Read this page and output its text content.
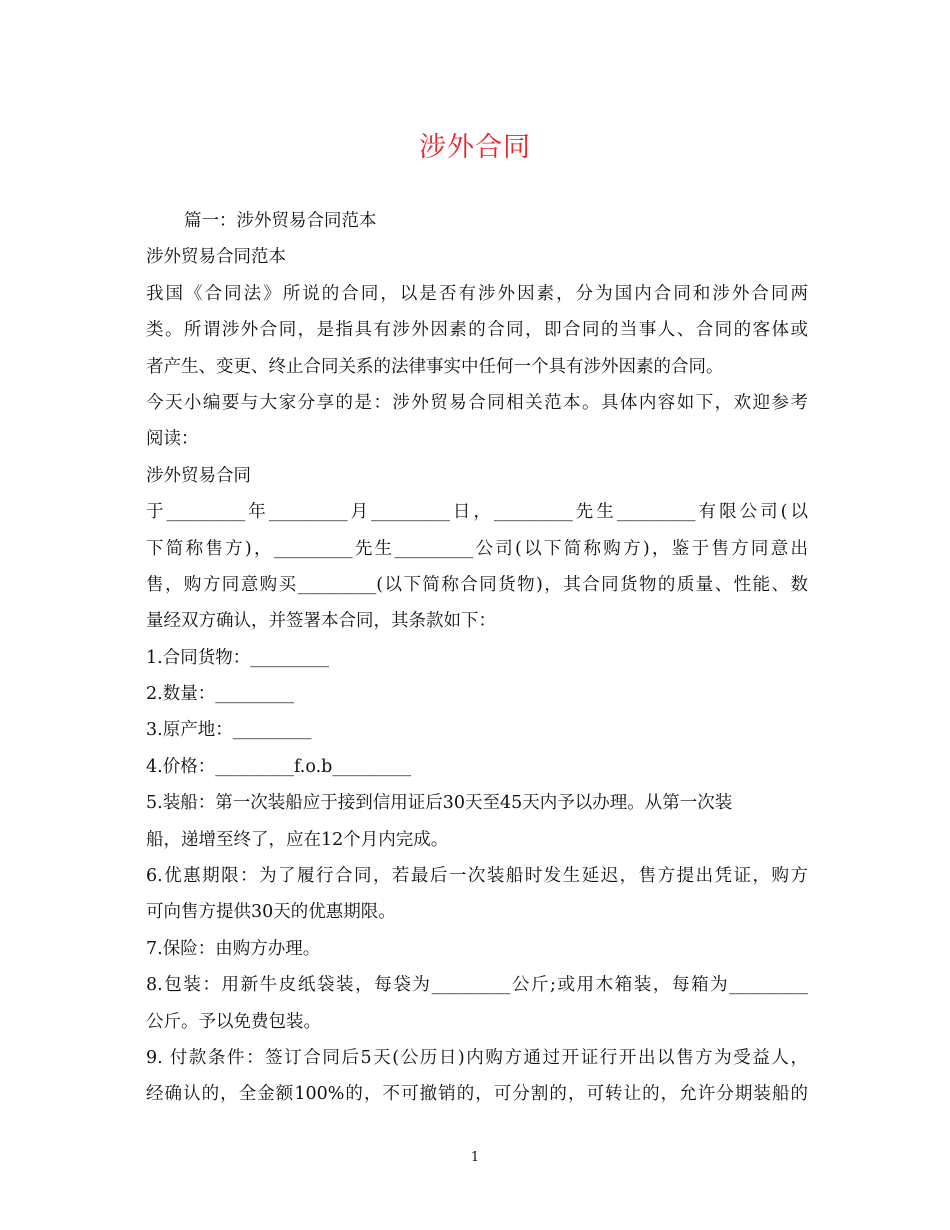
涉外合同
篇一：涉外贸易合同范本
涉外贸易合同范本
我国《合同法》所说的合同，以是否有涉外因素，分为国内合同和涉外合同两
类。所谓涉外合同，是指具有涉外因素的合同，即合同的当事人、合同的客体或
者产生、变更、终止合同关系的法律事实中任何一个具有涉外因素的合同。
今天小编要与大家分享的是：涉外贸易合同相关范本。具体内容如下，欢迎参考
阅读：
涉外贸易合同
于_________年_________月_________日，_________先生_________有限公司(以
下简称售方)，_________先生_________公司(以下简称购方)，鉴于售方同意出
售，购方同意购买_________(以下简称合同货物)，其合同货物的质量、性能、数
量经双方确认，并签署本合同，其条款如下：
1.合同货物：_________
2.数量：_________
3.原产地：_________
4.价格：_________f.o.b_________
5.装船：第一次装船应于接到信用证后30天至45天内予以办理。从第一次装
船，递增至终了，应在12个月内完成。
6.优惠期限：为了履行合同，若最后一次装船时发生延迟，售方提出凭证，购方
可向售方提供30天的优惠期限。
7.保险：由购方办理。
8.包装：用新牛皮纸袋装，每袋为_________公斤;或用木箱装，每箱为_________
公斤。予以免费包装。
9. 付款条件：签订合同后5天(公历日)内购方通过开证行开出以售方为受益人，
经确认的，全金额100%的，不可撤销的，可分割的，可转让的，允许分期装船的
1
